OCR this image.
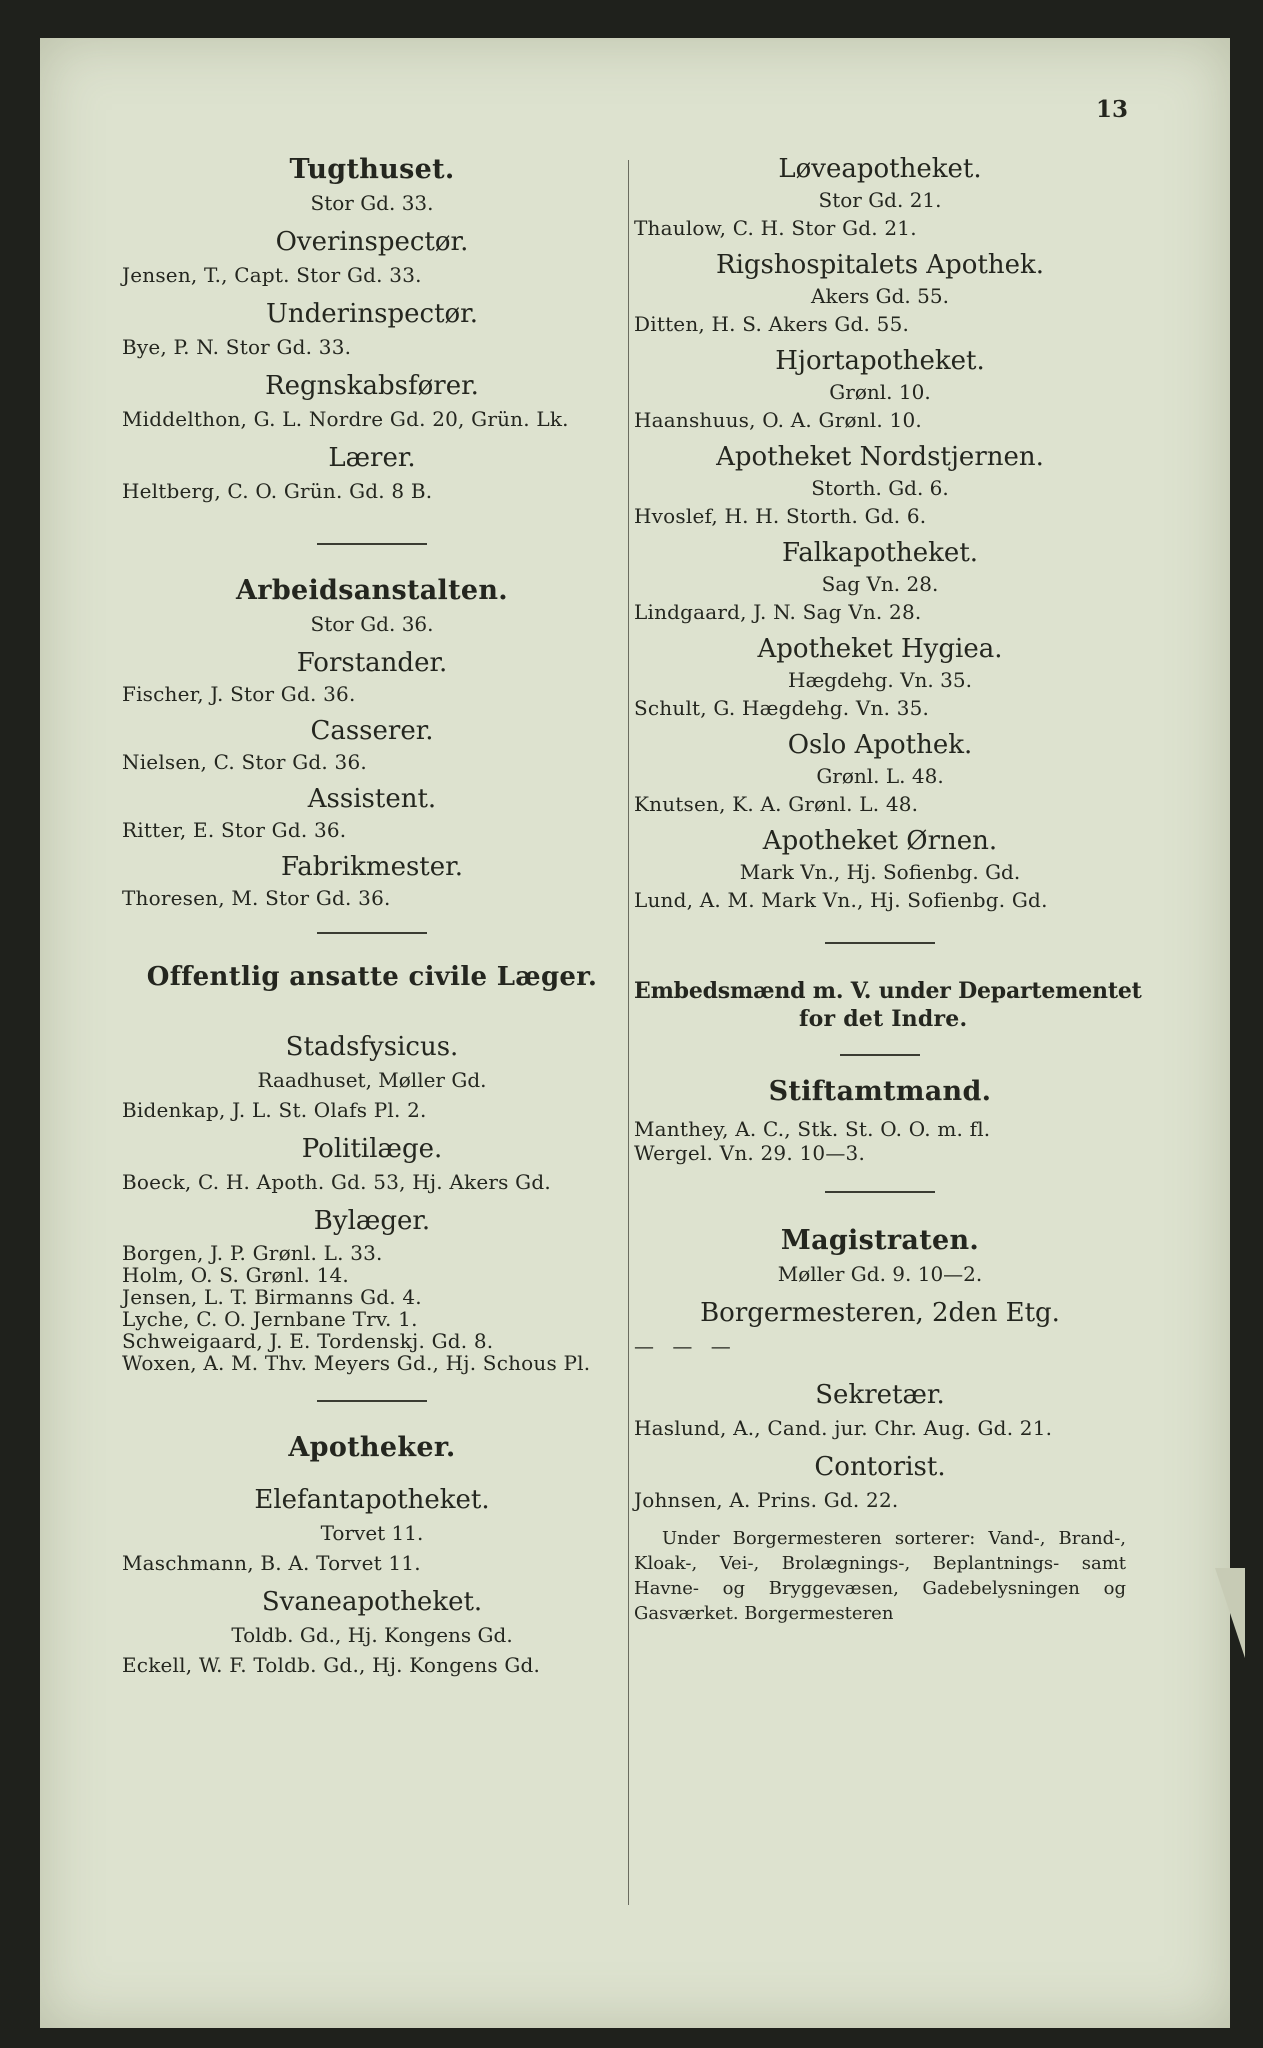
13

Tugthuset.

Stor Gd. 33.

Overinspectør.

Jensen, T., Capt. Stor Gd. 33.

Underinspectør.

Bye, P. N. Stor Gd. 33.

Regnskabsfører.

Middelthon, G. L. Nordre Gd. 20, Grün. Lk.

Lærer.

Heltberg, C. O. Grün. Gd. 8 B.

Arbeidsanstalten.

Stor Gd. 36.

Forstander.

Fischer, J. Stor Gd. 36.

Casserer.

Nielsen, C. Stor Gd. 36.

Assistent.

Ritter, E. Stor Gd. 36.

Fabrikmester.

Thoresen, M. Stor Gd. 36.

Offentlig ansatte civile Læger.

Stadsfysicus.

Raadhuset, Møller Gd.

Bidenkap, J. L. St. Olafs Pl. 2.

Politilæge.

Boeck, C. H. Apoth. Gd. 53, Hj. Akers Gd.

Bylæger.

Borgen, J. P. Grønl. L. 33.

Holm, O. S. Grønl. 14.

Jensen, L. T. Birmanns Gd. 4.

Lyche, C. O. Jernbane Trv. 1.

Schweigaard, J. E. Tordenskj. Gd. 8.

Woxen, A. M. Thv. Meyers Gd., Hj. Schous Pl.

Apotheker.

Elefantapotheket.

Torvet 11.

Maschmann, B. A. Torvet 11.

Svaneapotheket.

Toldb. Gd., Hj. Kongens Gd.

Eckell, W. F. Toldb. Gd., Hj. Kongens Gd.

Løveapotheket.

Stor Gd. 21.

Thaulow, C. H. Stor Gd. 21.

Rigshospitalets Apothek.

Akers Gd. 55.

Ditten, H. S. Akers Gd. 55.

Hjortapotheket.

Grønl. 10.

Haanshuus, O. A. Grønl. 10.

Apotheket Nordstjernen.

Storth. Gd. 6.

Hvoslef, H. H. Storth. Gd. 6.

Falkapotheket.

Sag Vn. 28.

Lindgaard, J. N. Sag Vn. 28.

Apotheket Hygiea.

Hægdehg. Vn. 35.

Schult, G. Hægdehg. Vn. 35.

Oslo Apothek.

Grønl. L. 48.

Knutsen, K. A. Grønl. L. 48.

Apotheket Ørnen.

Mark Vn., Hj. Sofienbg. Gd.

Lund, A. M. Mark Vn., Hj. Sofienbg. Gd.

Embedsmænd m. V. under Departementet

for det Indre.

Stiftamtmand.

Manthey, A. C., Stk. St. O. O. m. fl.

Wergel. Vn. 29. 10—3.

Magistraten.

Møller Gd. 9. 10—2.

Borgermesteren, 2den Etg.

— — —

Sekretær.

Haslund, A., Cand. jur. Chr. Aug. Gd. 21.

Contorist.

Johnsen, A. Prins. Gd. 22.

Under Borgermesteren sorterer: Vand-, Brand-, Kloak-, Vei-, Brolægnings-, Beplantnings- samt Havne- og Bryggevæsen, Gadebelysningen og Gasværket. Borgermesteren
